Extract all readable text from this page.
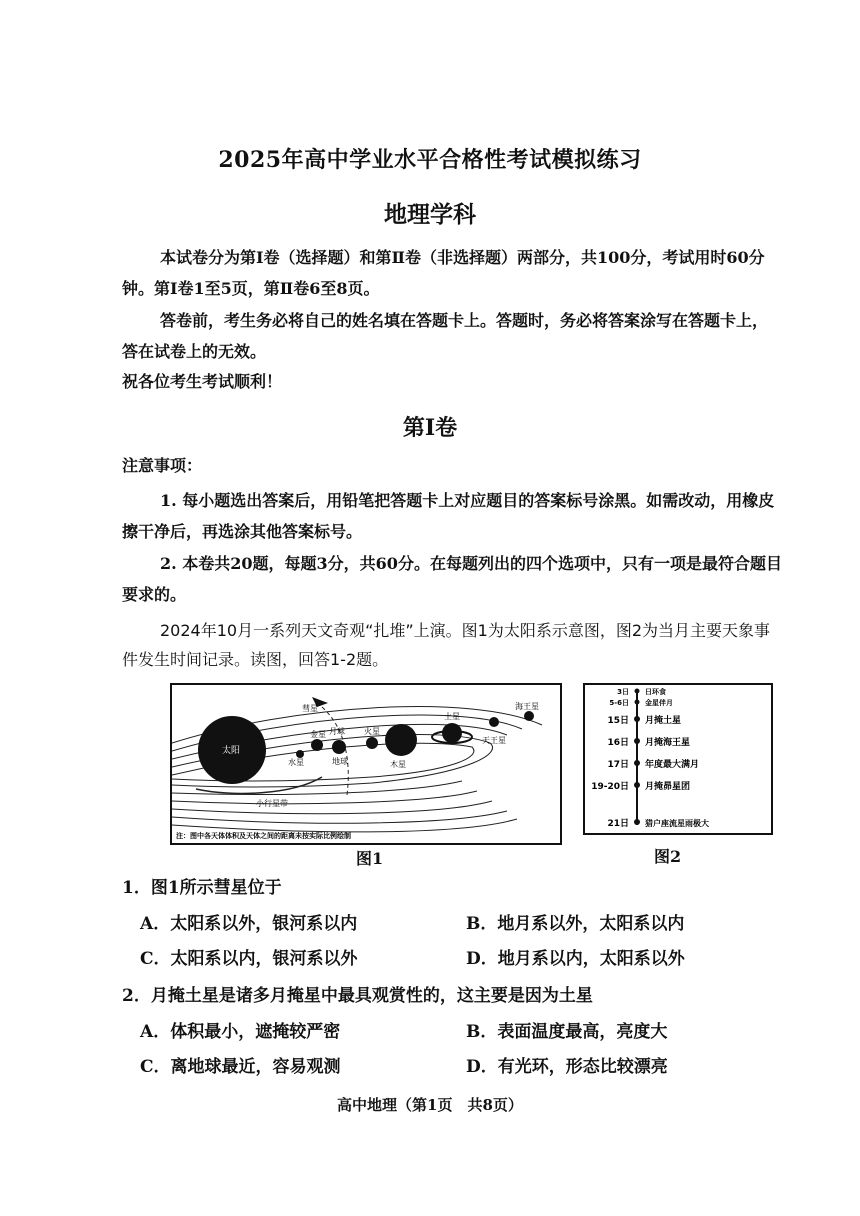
2025年高中学业水平合格性考试模拟练习
地理学科
本试卷分为第Ⅰ卷（选择题）和第Ⅱ卷（非选择题）两部分，共100分，考试用时60分钟。第Ⅰ卷1至5页，第Ⅱ卷6至8页。
答卷前，考生务必将自己的姓名填在答题卡上。答题时，务必将答案涂写在答题卡上，答在试卷上的无效。
祝各位考生考试顺利！
第Ⅰ卷
注意事项：
1. 每小题选出答案后，用铅笔把答题卡上对应题目的答案标号涂黑。如需改动，用橡皮擦干净后，再选涂其他答案标号。
2. 本卷共20题，每题3分，共60分。在每题列出的四个选项中，只有一项是最符合题目要求的。
2024年10月一系列天文奇观“扎堆”上演。图1为太阳系示意图，图2为当月主要天象事件发生时间记录。读图，回答1-2题。
太阳
彗星
水星
金星
地球
月球 火星
木星
土星
天王星
海王星
小行星带
注：图中各天体体积及天体之间的距离未按实际比例绘制
图1
3日 日环食
5-6日 金星伴月
15日 月掩土星
16日 月掩海王星
17日 年度最大满月
19-20日 月掩昴星团
21日 猎户座流星雨极大
图2
1．图1所示彗星位于
A．太阳系以外，银河系以内	B．地月系以外，太阳系以内
C．太阳系以内，银河系以外	D．地月系以内，太阳系以外
2．月掩土星是诸多月掩星中最具观赏性的，这主要是因为土星
A．体积最小，遮掩较严密	B．表面温度最高，亮度大
C．离地球最近，容易观测	D．有光环，形态比较漂亮
高中地理（第1页　共8页）
